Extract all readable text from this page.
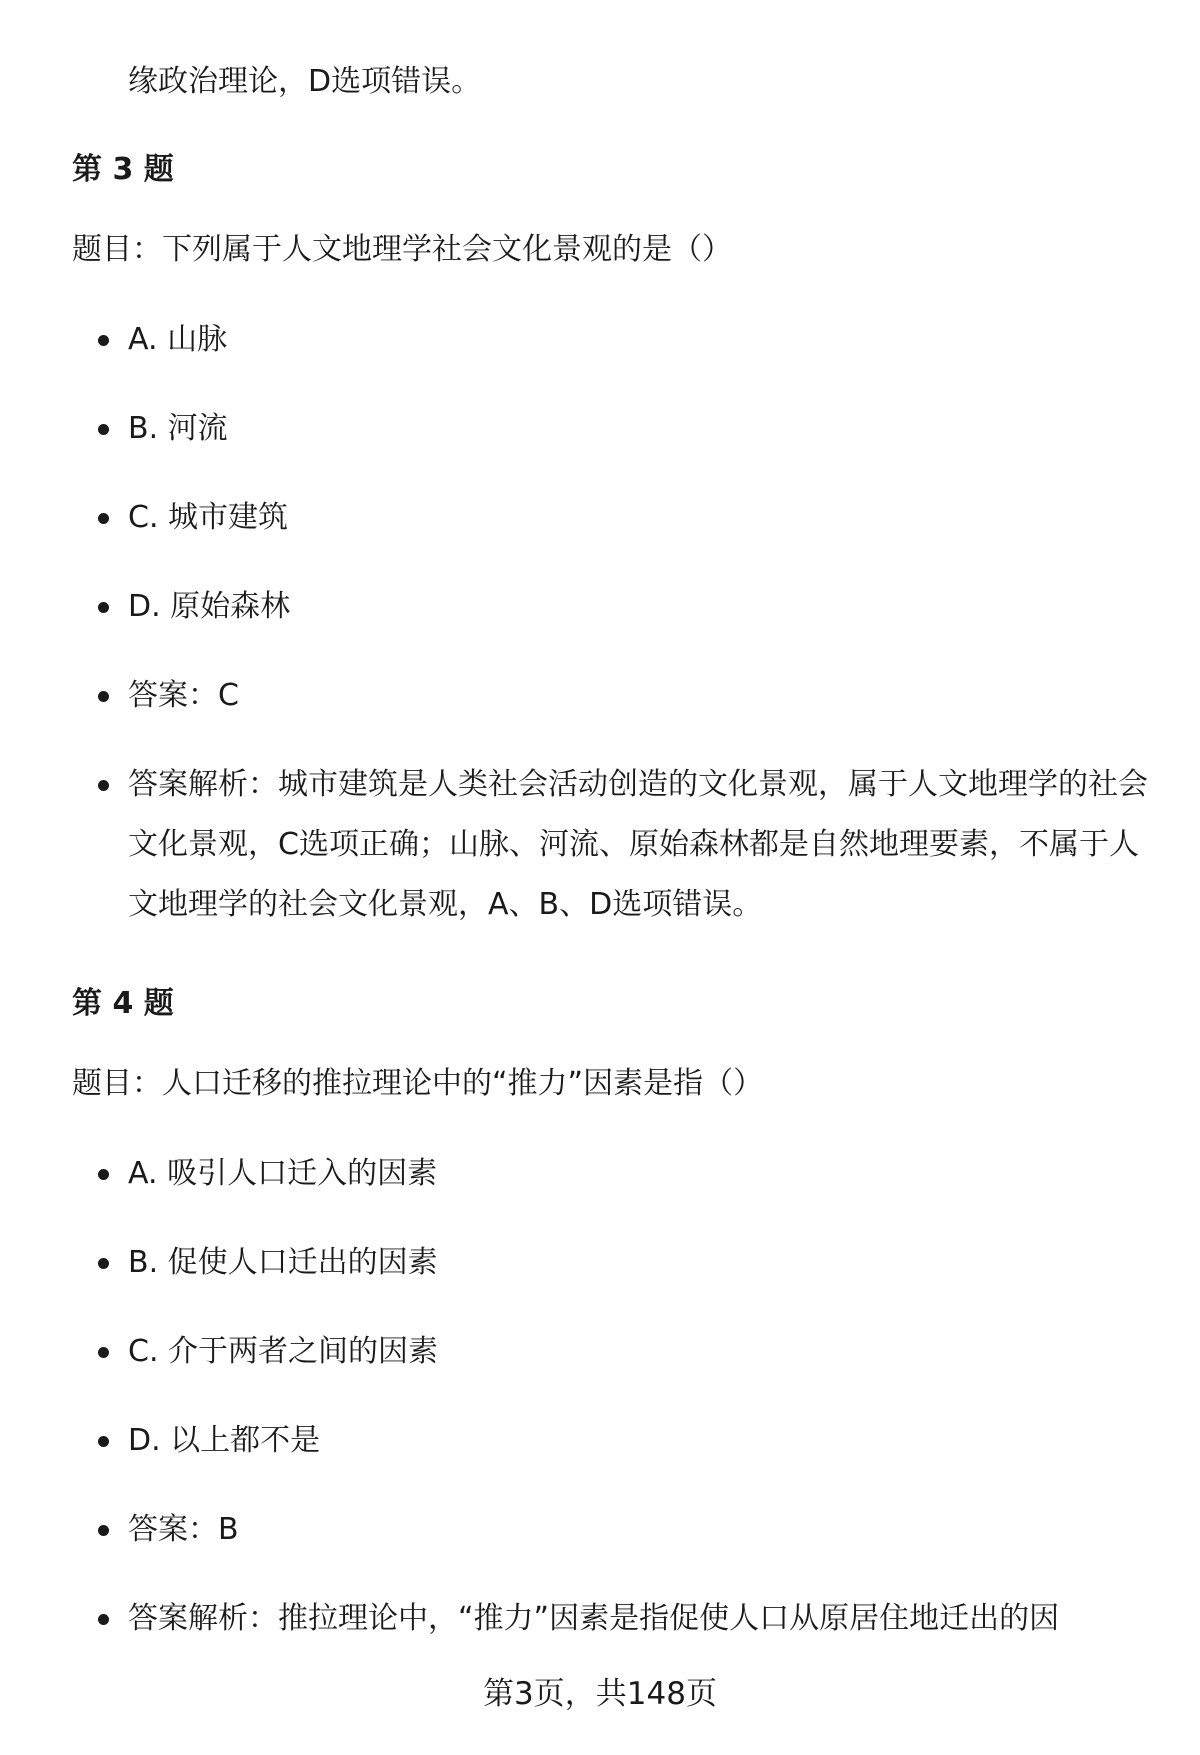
缘政治理论，D选项错误。
第 3 题
题目：下列属于人文地理学社会文化景观的是（）
A. 山脉
B. 河流
C. 城市建筑
D. 原始森林
答案：C
答案解析：城市建筑是人类社会活动创造的文化景观，属于人文地理学的社会文化景观，C选项正确；山脉、河流、原始森林都是自然地理要素，不属于人文地理学的社会文化景观，A、B、D选项错误。
第 4 题
题目：人口迁移的推拉理论中的“推力”因素是指（）
A. 吸引人口迁入的因素
B. 促使人口迁出的因素
C. 介于两者之间的因素
D. 以上都不是
答案：B
答案解析：推拉理论中，“推力”因素是指促使人口从原居住地迁出的因
第3页，共148页
